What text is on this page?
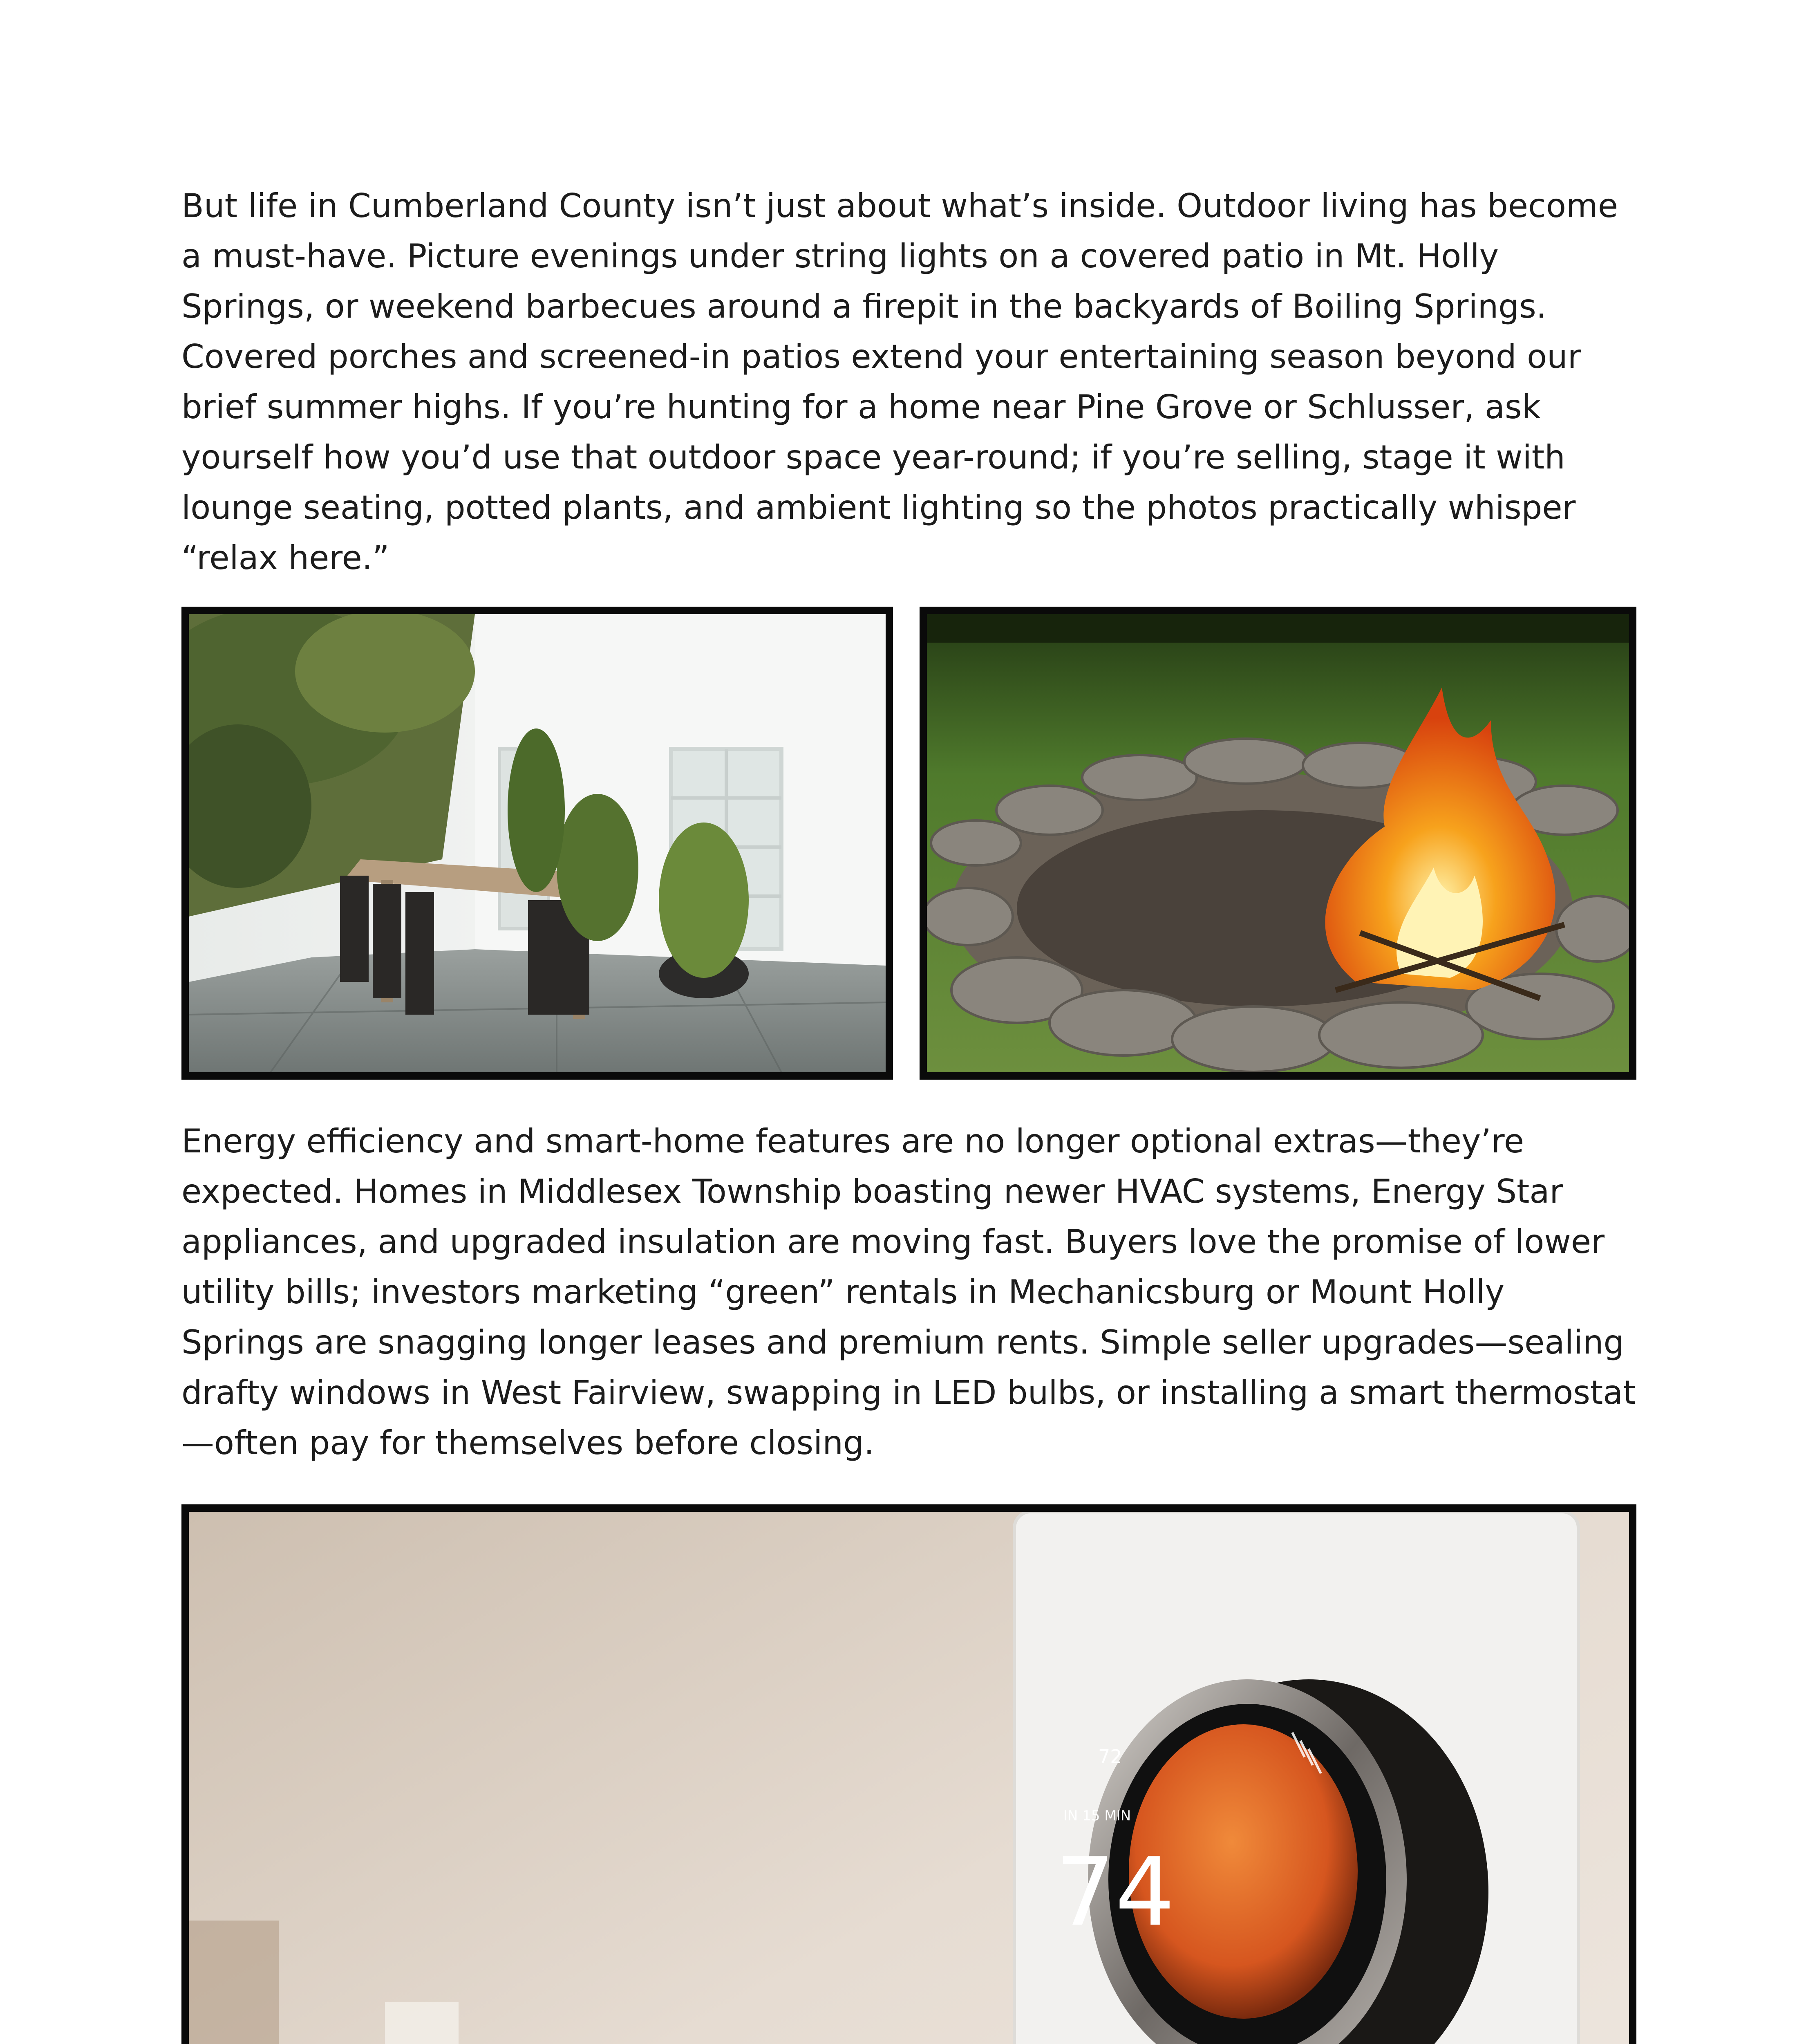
But life in Cumberland County isn’t just about what’s inside. Outdoor living has become a must-have. Picture evenings under string lights on a covered patio in Mt. Holly Springs, or weekend barbecues around a firepit in the backyards of Boiling Springs. Covered porches and screened-in patios extend your entertaining season beyond our brief summer highs. If you’re hunting for a home near Pine Grove or Schlusser, ask yourself how you’d use that outdoor space year-round; if you’re selling, stage it with lounge seating, potted plants, and ambient lighting so the photos practically whisper “relax here.”

Energy efficiency and smart-home features are no longer optional extras—they’re expected. Homes in Middlesex Township boasting newer HVAC systems, Energy Star appliances, and upgraded insulation are moving fast. Buyers love the promise of lower utility bills; investors marketing “green” rentals in Mechanicsburg or Mount Holly Springs are snagging longer leases and premium rents. Simple seller upgrades—sealing drafty windows in West Fairview, swapping in LED bulbs, or installing a smart thermostat—often pay for themselves before closing.

72
IN 15 MIN
74
